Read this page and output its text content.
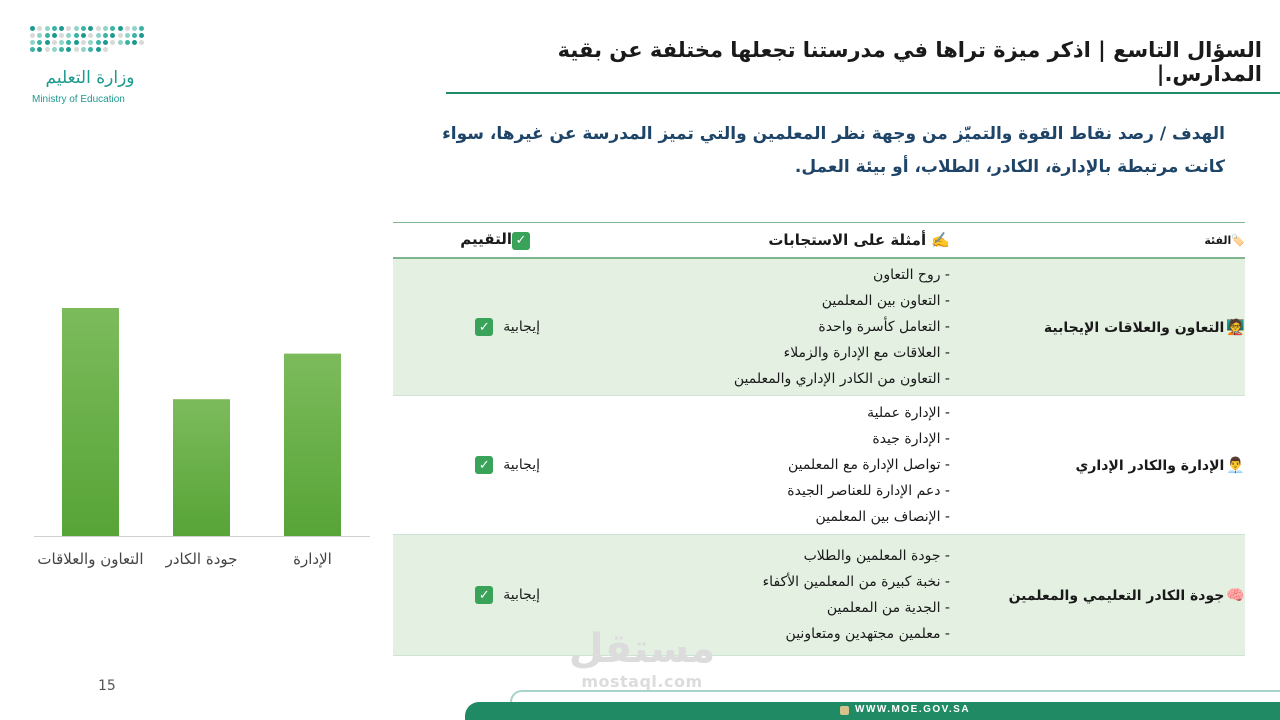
وزارة التعليم
Ministry of Education
السؤال التاسع | اذكر ميزة تراها في مدرستنا تجعلها مختلفة عن بقية المدارس.|
الهدف / رصد نقاط القوة والتميّز من وجهة نظر المعلمين والتي تميز المدرسة عن غيرها، سواء كانت مرتبطة بالإدارة، الكادر، الطلاب، أو بيئة العمل.
التعاون والعلاقات	جودة الكادر	الإدارة
🏷️الفئة
✍️ أمثلة على الاستجابات
✓التقييم
🧑‍🏫التعاون والعلاقات الإيجابية
- روح التعاون
- التعاون بين المعلمين
- التعامل كأسرة واحدة
- العلاقات مع الإدارة والزملاء
- التعاون من الكادر الإداري والمعلمين
إيجابية
✓
👨‍💼الإدارة والكادر الإداري
- الإدارة عملية
- الإدارة جيدة
- تواصل الإدارة مع المعلمين
- دعم الإدارة للعناصر الجيدة
- الإنصاف بين المعلمين
إيجابية
✓
🧠جودة الكادر التعليمي والمعلمين
- جودة المعلمين والطلاب
- نخبة كبيرة من المعلمين الأكفاء
- الجدية من المعلمين
- معلمين مجتهدين ومتعاونين
إيجابية
✓
15
مستقل
mostaql.com
WWW.MOE.GOV.SA
